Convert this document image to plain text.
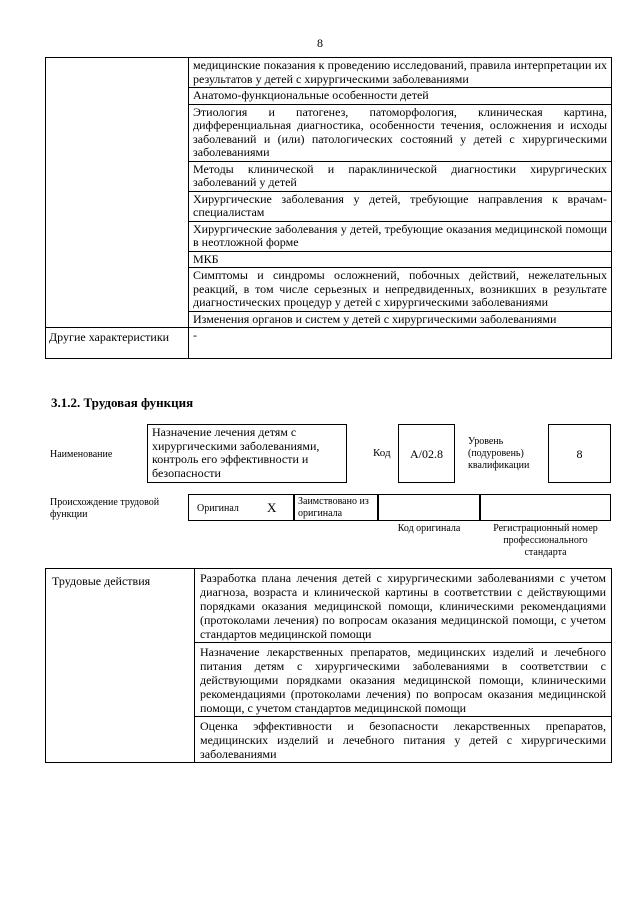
8
	медицинские показания к проведению исследований, правила интерпретации их результатов у детей с хирургическими заболеваниями
	Анатомо-функциональные особенности детей
	Этиология и патогенез, патоморфология, клиническая картина, дифференциальная диагностика, особенности течения, осложнения и исходы заболеваний и (или) патологических состояний у детей с хирургическими заболеваниями
	Методы клинической и параклинической диагностики хирургических заболеваний у детей
	Хирургические заболевания у детей, требующие направления к врачам-специалистам
	Хирургические заболевания у детей, требующие оказания медицинской помощи в неотложной форме
	МКБ
	Симптомы и синдромы осложнений, побочных действий, нежелательных реакций, в том числе серьезных и непредвиденных, возникших в результате диагностических процедур у детей с хирургическими заболеваниями
	Изменения органов и систем у детей с хирургическими заболеваниями
Другие характеристики	-
3.1.2. Трудовая функция
Наименование
Назначение лечения детям с хирургическими заболеваниями, контроль его эффективности и безопасности
Код	A/02.8
Уровень (подуровень) квалификации
8
Происхождение трудовой функции
Оригинал X Заимствовано из оригинала
Код оригинала	Регистрационный номер профессионального стандарта
Трудовые действия	Разработка плана лечения детей с хирургическими заболеваниями с учетом диагноза, возраста и клинической картины в соответствии с действующими порядками оказания медицинской помощи, клиническими рекомендациями (протоколами лечения) по вопросам оказания медицинской помощи, с учетом стандартов медицинской помощи
Назначение лекарственных препаратов, медицинских изделий и лечебного питания детям с хирургическими заболеваниями в соответствии с действующими порядками оказания медицинской помощи, клиническими рекомендациями (протоколами лечения) по вопросам оказания медицинской помощи, с учетом стандартов медицинской помощи
Оценка эффективности и безопасности лекарственных препаратов, медицинских изделий и лечебного питания у детей с хирургическими заболеваниями
